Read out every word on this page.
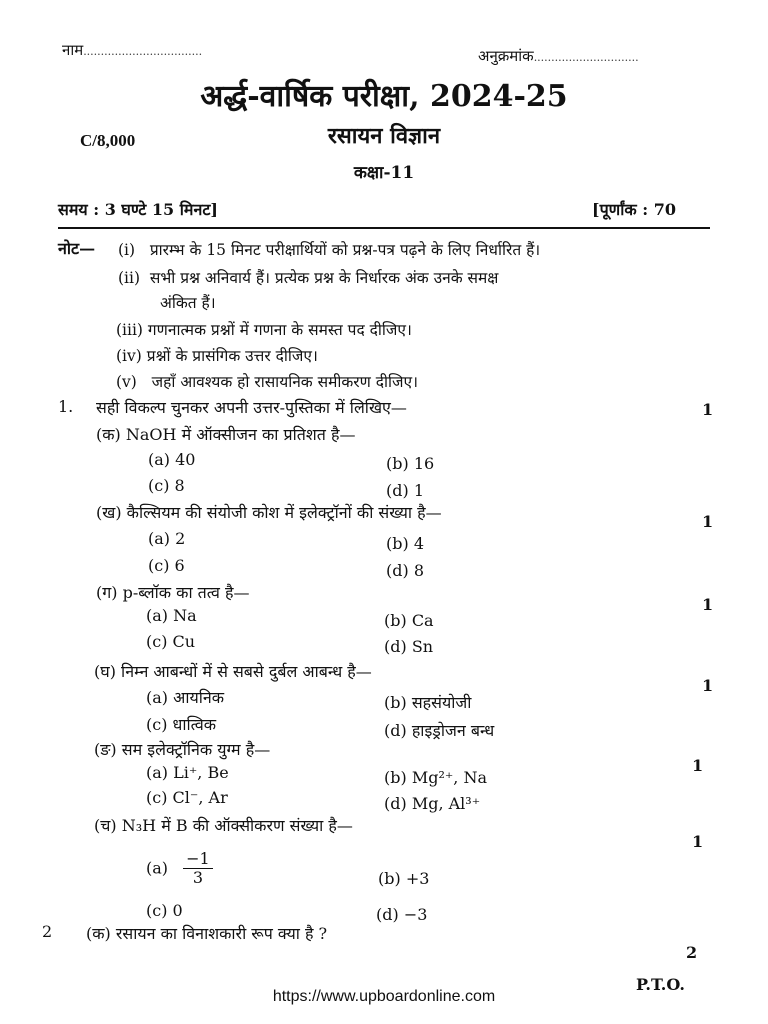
नाम..................................	अनुक्रमांक..............................
अर्द्ध-वार्षिक परीक्षा, 2024-25
रसायन विज्ञान
C/8,000
कक्षा-11
समय : 3 घण्टे 15 मिनट]	[पूर्णांक : 70
नोट— (i) प्रारम्भ के 15 मिनट परीक्षार्थियों को प्रश्न-पत्र पढ़ने के लिए निर्धारित हैं।
(ii) सभी प्रश्न अनिवार्य हैं। प्रत्येक प्रश्न के निर्धारक अंक उनके समक्ष
अंकित हैं।
(iii) गणनात्मक प्रश्नों में गणना के समस्त पद दीजिए।
(iv) प्रश्नों के प्रासंगिक उत्तर दीजिए।
(v) जहाँ आवश्यक हो रासायनिक समीकरण दीजिए।
1. सही विकल्प चुनकर अपनी उत्तर-पुस्तिका में लिखिए—	1
(क) NaOH में ऑक्सीजन का प्रतिशत है—
(a) 40	(b) 16
(c) 8	(d) 1
(ख) कैल्सियम की संयोजी कोश में इलेक्ट्रॉनों की संख्या है—	1
(a) 2	(b) 4
(c) 6	(d) 8
(ग) p-ब्लॉक का तत्व है—
1
(a) Na	(b) Ca
(c) Cu	(d) Sn
(घ) निम्न आबन्धों में से सबसे दुर्बल आबन्ध है—
1
(a) आयनिक	(b) सहसंयोजी
(c) धात्विक	(d) हाइड्रोजन बन्ध
(ङ) सम इलेक्ट्रॉनिक युग्म है—
1
(a) Li⁺, Be	(b) Mg²⁺, Na
(c) Cl⁻, Ar	(d) Mg, Al³⁺
(च) N₃H में B की ऑक्सीकरण संख्या है—
1
$(a) \frac{-1}{3}$	(b) +3
(c) 0	(d) −3
2 (क) रसायन का विनाशकारी रूप क्या है ?
2
P.T.O.
https://www.upboardonline.com
